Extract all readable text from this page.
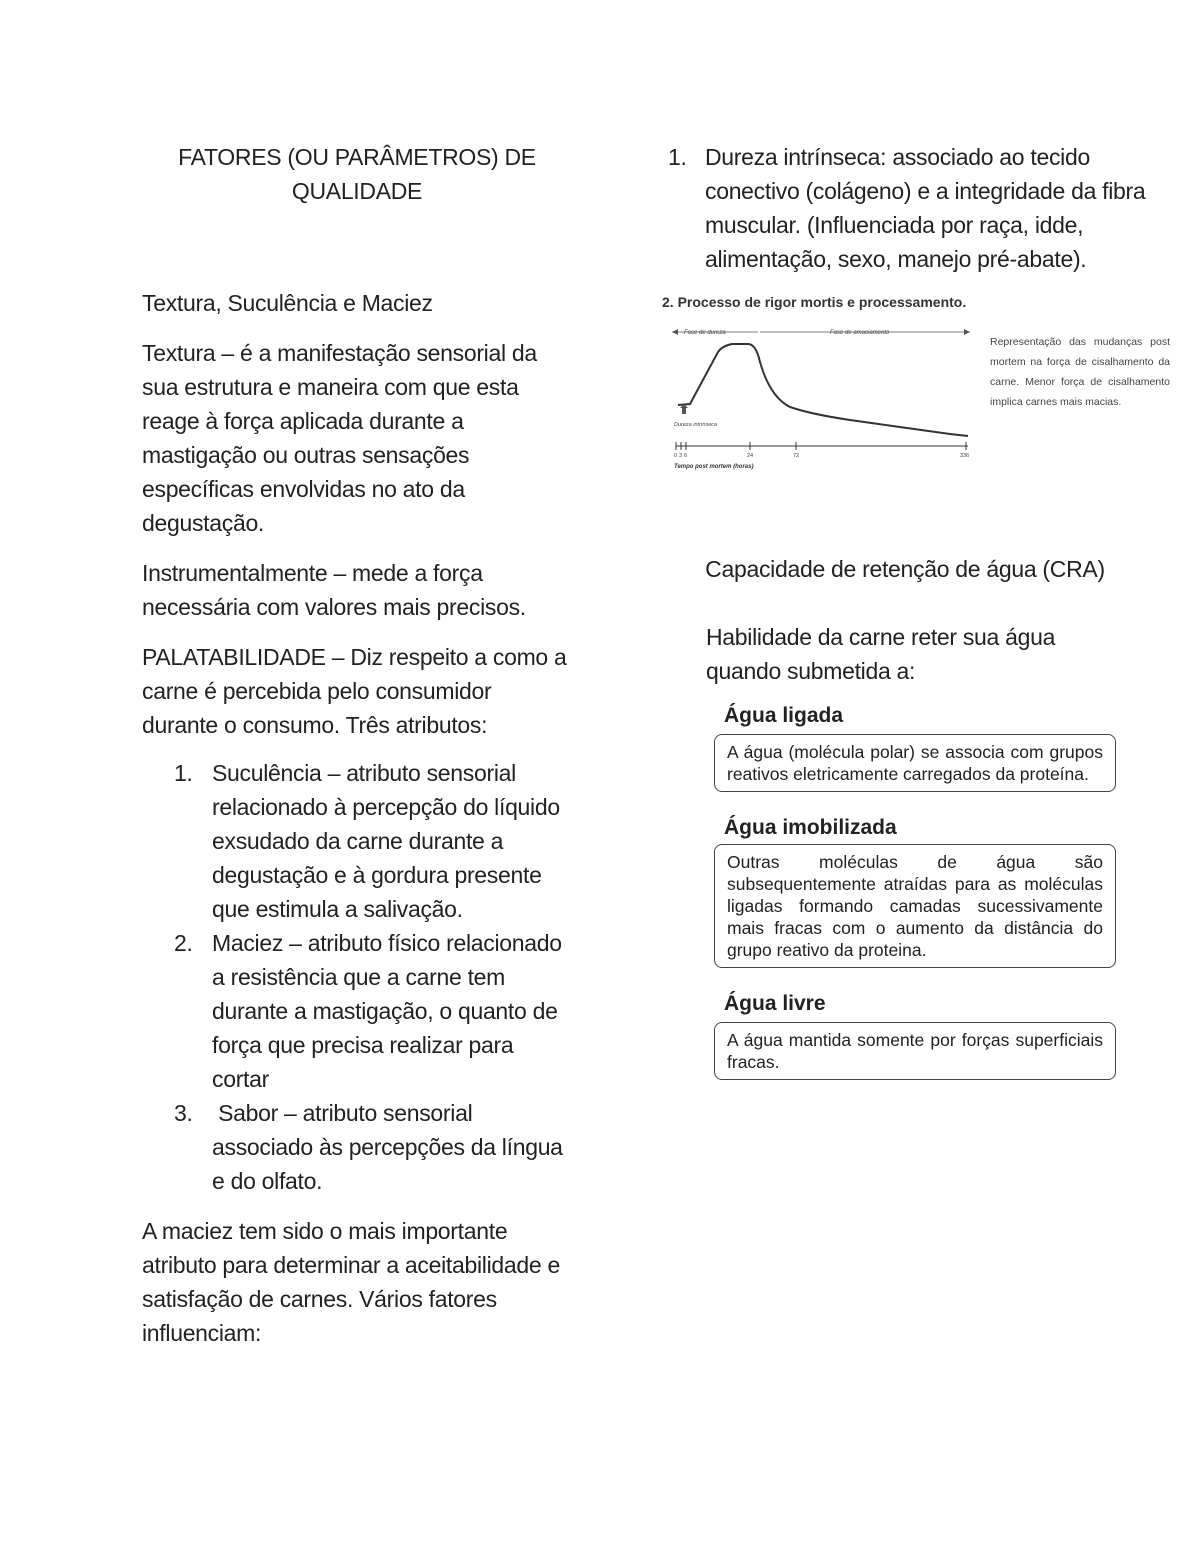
FATORES (OU PARÂMETROS) DE QUALIDADE

Textura, Suculência e Maciez

Textura – é a manifestação sensorial da sua estrutura e maneira com que esta reage à força aplicada durante a mastigação ou outras sensações específicas envolvidas no ato da degustação.

Instrumentalmente – mede a força necessária com valores mais precisos.

PALATABILIDADE – Diz respeito a como a carne é percebida pelo consumidor durante o consumo. Três atributos:

1. Suculência – atributo sensorial relacionado à percepção do líquido exsudado da carne durante a degustação e à gordura presente que estimula a salivação.
2. Maciez – atributo físico relacionado a resistência que a carne tem durante a mastigação, o quanto de força que precisa realizar para cortar
3. Sabor – atributo sensorial associado às percepções da língua e do olfato.

A maciez tem sido o mais importante atributo para determinar a aceitabilidade e satisfação de carnes. Vários fatores influenciam:

1. Dureza intrínseca: associado ao tecido conectivo (colágeno) e a integridade da fibra muscular. (Influenciada por raça, idde, alimentação, sexo, manejo pré-abate).
2. Processo de rigor mortis e processamento.
Fase de dureza	Fase de amaciamento
Dureza intrínseca
0 3 6	24	72	336
Tempo post mortem (horas)
Representação das mudanças post mortem na força de cisalhamento da carne. Menor força de cisalhamento implica carnes mais macias.

Capacidade de retenção de água (CRA)

Habilidade da carne reter sua água quando submetida a:

Água ligada

A água (molécula polar) se associa com grupos reativos eletricamente carregados da proteína.

Água imobilizada

Outras moléculas de água são subsequentemente atraídas para as moléculas ligadas formando camadas sucessivamente mais fracas com o aumento da distância do grupo reativo da proteina.

Água livre

A água mantida somente por forças superficiais fracas.
